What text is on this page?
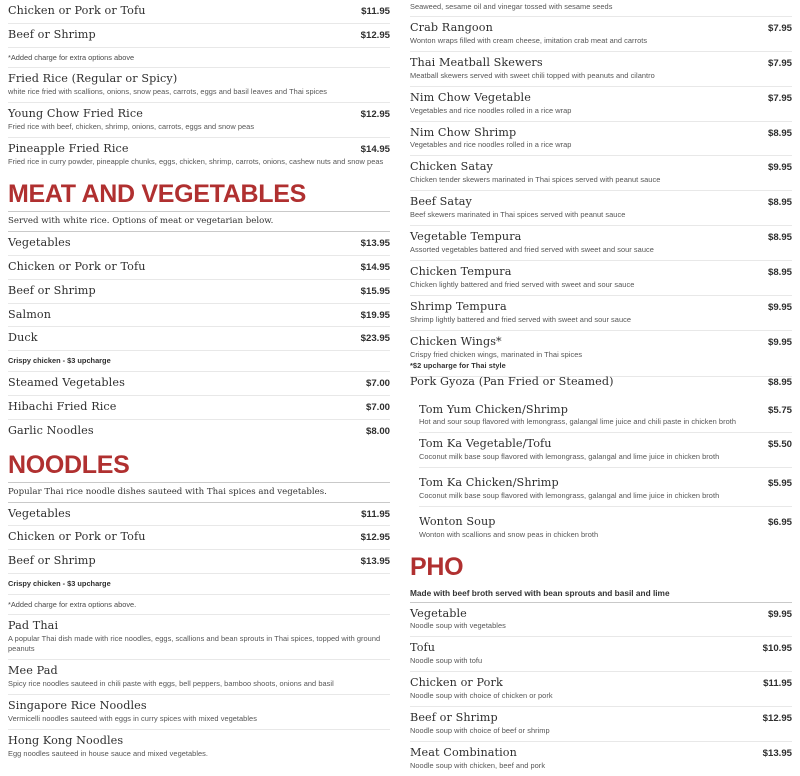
Chicken or Pork or Tofu	$11.95
Beef or Shrimp	$12.95
*Added charge for extra options above
Fried Rice (Regular or Spicy)
white rice fried with scallions, onions, snow peas, carrots, eggs and basil leaves and Thai spices
Young Chow Fried Rice	$12.95
Fried rice with beef, chicken, shrimp, onions, carrots, eggs and snow peas
Pineapple Fried Rice	$14.95
Fried rice in curry powder, pineapple chunks, eggs, chicken, shrimp, carrots, onions, cashew nuts and snow peas
MEAT AND VEGETABLES
Served with white rice. Options of meat or vegetarian below.
Vegetables	$13.95
Chicken or Pork or Tofu	$14.95
Beef or Shrimp	$15.95
Salmon	$19.95
Duck	$23.95
Crispy chicken - $3 upcharge
Steamed Vegetables	$7.00
Hibachi Fried Rice	$7.00
Garlic Noodles	$8.00
NOODLES
Popular Thai rice noodle dishes sauteed with Thai spices and vegetables.
Vegetables	$11.95
Chicken or Pork or Tofu	$12.95
Beef or Shrimp	$13.95
Crispy chicken - $3 upcharge
*Added charge for extra options above.
Pad Thai
A popular Thai dish made with rice noodles, eggs, scallions and bean sprouts in Thai spices, topped with ground peanuts
Mee Pad
Spicy rice noodles sauteed in chili paste with eggs, bell peppers, bamboo shoots, onions and basil
Singapore Rice Noodles
Vermicelli noodles sauteed with eggs in curry spices with mixed vegetables
Hong Kong Noodles
Egg noodles sauteed in house sauce and mixed vegetables.
Seaweed, sesame oil and vinegar tossed with sesame seeds
Crab Rangoon	$7.95
Wonton wraps filled with cream cheese, imitation crab meat and carrots
Thai Meatball Skewers	$7.95
Meatball skewers served with sweet chili topped with peanuts and cilantro
Nim Chow Vegetable	$7.95
Vegetables and rice noodles rolled in a rice wrap
Nim Chow Shrimp	$8.95
Vegetables and rice noodles rolled in a rice wrap
Chicken Satay	$9.95
Chicken tender skewers marinated in Thai spices served with peanut sauce
Beef Satay	$8.95
Beef skewers marinated in Thai spices served with peanut sauce
Vegetable Tempura	$8.95
Assorted vegetables battered and fried served with sweet and sour sauce
Chicken Tempura	$8.95
Chicken lightly battered and fried served with sweet and sour sauce
Shrimp Tempura	$9.95
Shrimp lightly battered and fried served with sweet and sour sauce
Chicken Wings*	$9.95
Crispy fried chicken wings, marinated in Thai spices
*$2 upcharge for Thai style
Pork Gyoza (Pan Fried or Steamed)	$8.95
Tom Yum Chicken/Shrimp	$5.75
Hot and sour soup flavored with lemongrass, galangal lime juice and chili paste in chicken broth
Tom Ka Vegetable/Tofu	$5.50
Coconut milk base soup flavored with lemongrass, galangal and lime juice in chicken broth
Tom Ka Chicken/Shrimp	$5.95
Coconut milk base soup flavored with lemongrass, galangal and lime juice in chicken broth
Wonton Soup	$6.95
Wonton with scallions and snow peas in chicken broth
PHO
Made with beef broth served with bean sprouts and basil and lime
Vegetable	$9.95
Noodle soup with vegetables
Tofu	$10.95
Noodle soup with tofu
Chicken or Pork	$11.95
Noodle soup with choice of chicken or pork
Beef or Shrimp	$12.95
Noodle soup with choice of beef or shrimp
Meat Combination	$13.95
Noodle soup with chicken, beef and pork
